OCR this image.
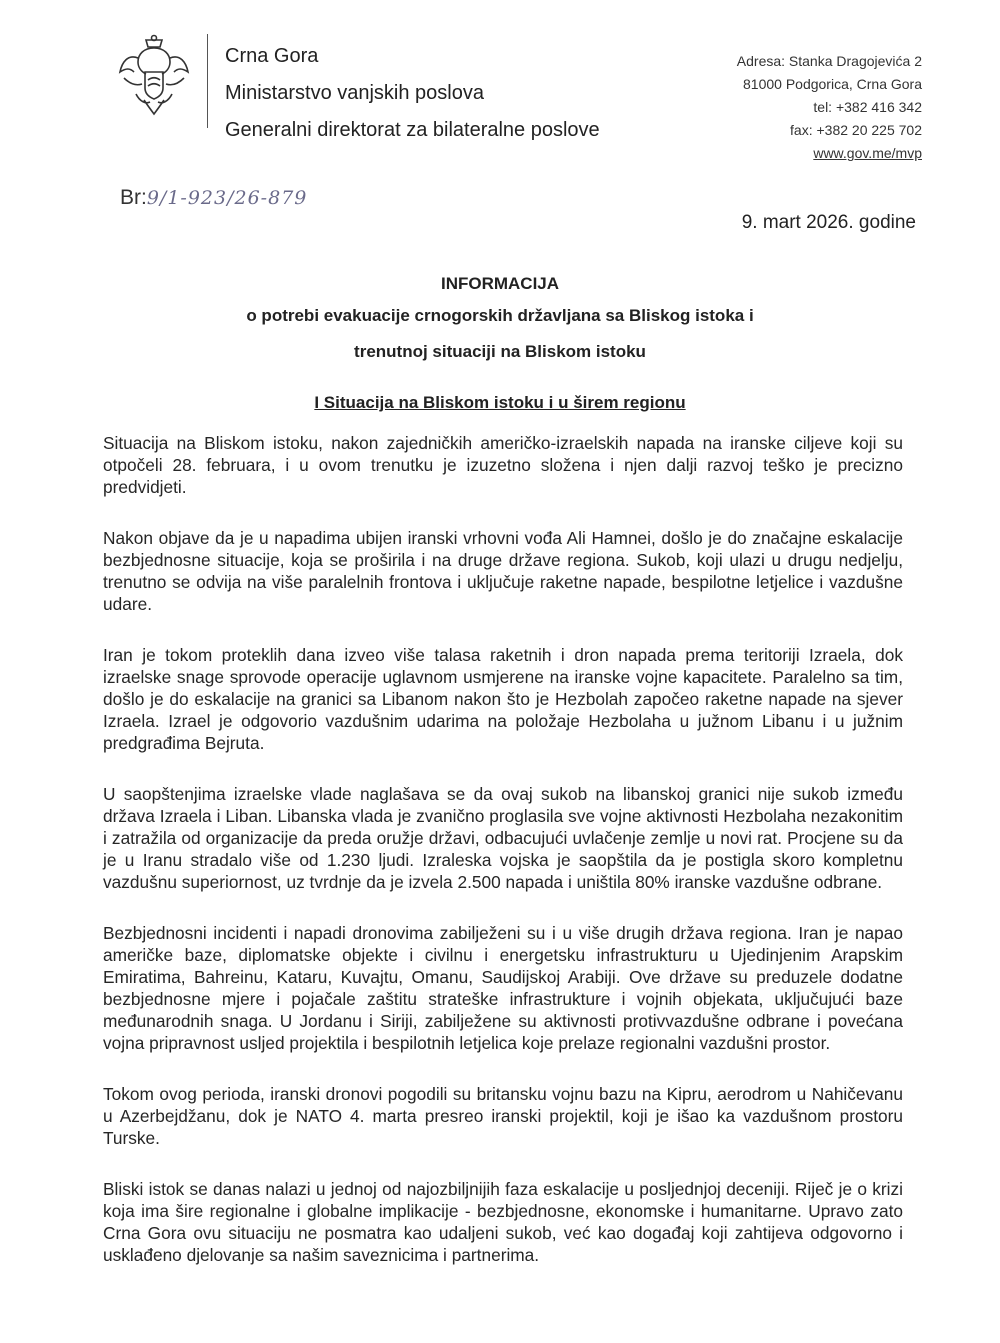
Crna Gora
Ministarstvo vanjskih poslova
Generalni direktorat za bilateralne poslove
Adresa: Stanka Dragojevića 2
81000 Podgorica, Crna Gora
tel: +382 416 342
fax: +382 20 225 702
www.gov.me/mvp
Br:9/1-923/26-879
9. mart 2026. godine
INFORMACIJA
o potrebi evakuacije crnogorskih državljana sa Bliskog istoka i
trenutnoj situaciji na Bliskom istoku
I Situacija na Bliskom istoku i u širem regionu

Situacija na Bliskom istoku, nakon zajedničkih američko-izraelskih napada na iranske ciljeve koji su otpočeli 28. februara, i u ovom trenutku je izuzetno složena i njen dalji razvoj teško je precizno predvidjeti.

Nakon objave da je u napadima ubijen iranski vrhovni vođa Ali Hamnei, došlo je do značajne eskalacije bezbjednosne situacije, koja se proširila i na druge države regiona. Sukob, koji ulazi u drugu nedjelju, trenutno se odvija na više paralelnih frontova i uključuje raketne napade, bespilotne letjelice i vazdušne udare.

Iran je tokom proteklih dana izveo više talasa raketnih i dron napada prema teritoriji Izraela, dok izraelske snage sprovode operacije uglavnom usmjerene na iranske vojne kapacitete. Paralelno sa tim, došlo je do eskalacije na granici sa Libanom nakon što je Hezbolah započeo raketne napade na sjever Izraela. Izrael je odgovorio vazdušnim udarima na položaje Hezbolaha u južnom Libanu i u južnim predgrađima Bejruta.

U saopštenjima izraelske vlade naglašava se da ovaj sukob na libanskoj granici nije sukob između država Izraela i Liban. Libanska vlada je zvanično proglasila sve vojne aktivnosti Hezbolaha nezakonitim i zatražila od organizacije da preda oružje državi, odbacujući uvlačenje zemlje u novi rat. Procjene su da je u Iranu stradalo više od 1.230 ljudi. Izraleska vojska je saopštila da je postigla skoro kompletnu vazdušnu superiornost, uz tvrdnje da je izvela 2.500 napada i uništila 80% iranske vazdušne odbrane.

Bezbjednosni incidenti i napadi dronovima zabilježeni su i u više drugih država regiona. Iran je napao američke baze, diplomatske objekte i civilnu i energetsku infrastrukturu u Ujedinjenim Arapskim Emiratima, Bahreinu, Kataru, Kuvajtu, Omanu, Saudijskoj Arabiji. Ove države su preduzele dodatne bezbjednosne mjere i pojačale zaštitu strateške infrastrukture i vojnih objekata, uključujući baze međunarodnih snaga. U Jordanu i Siriji, zabilježene su aktivnosti protivvazdušne odbrane i povećana vojna pripravnost usljed projektila i bespilotnih letjelica koje prelaze regionalni vazdušni prostor.

Tokom ovog perioda, iranski dronovi pogodili su britansku vojnu bazu na Kipru, aerodrom u Nahičevanu u Azerbejdžanu, dok je NATO 4. marta presreo iranski projektil, koji je išao ka vazdušnom prostoru Turske.

Bliski istok se danas nalazi u jednoj od najozbiljnijih faza eskalacije u posljednjoj deceniji. Riječ je o krizi koja ima šire regionalne i globalne implikacije - bezbjednosne, ekonomske i humanitarne. Upravo zato Crna Gora ovu situaciju ne posmatra kao udaljeni sukob, već kao događaj koji zahtijeva odgovorno i usklađeno djelovanje sa našim saveznicima i partnerima.
